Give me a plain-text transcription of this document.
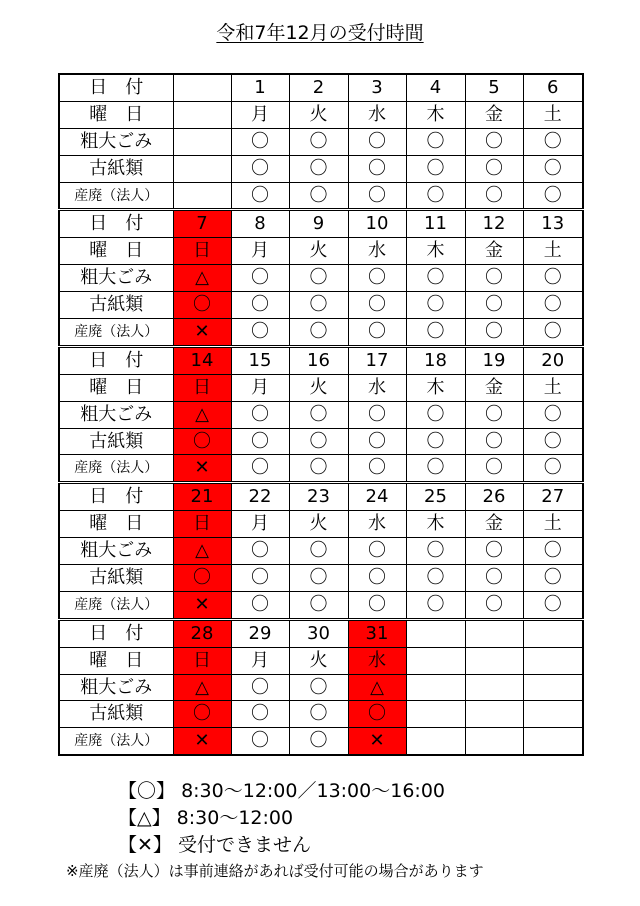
令和7年12月の受付時間
日　付		1	2	3	4	5	6
曜　日		月	火	水	木	金	土
粗大ごみ		〇	〇	〇	〇	〇	〇
古紙類		〇	〇	〇	〇	〇	〇
産廃（法人）		〇	〇	〇	〇	〇	〇
日　付	7	8	9	10	11	12	13
曜　日	日	月	火	水	木	金	土
粗大ごみ	△	〇	〇	〇	〇	〇	〇
古紙類	〇	〇	〇	〇	〇	〇	〇
産廃（法人）	✕	〇	〇	〇	〇	〇	〇
日　付	14	15	16	17	18	19	20
曜　日	日	月	火	水	木	金	土
粗大ごみ	△	〇	〇	〇	〇	〇	〇
古紙類	〇	〇	〇	〇	〇	〇	〇
産廃（法人）	✕	〇	〇	〇	〇	〇	〇
日　付	21	22	23	24	25	26	27
曜　日	日	月	火	水	木	金	土
粗大ごみ	△	〇	〇	〇	〇	〇	〇
古紙類	〇	〇	〇	〇	〇	〇	〇
産廃（法人）	✕	〇	〇	〇	〇	〇	〇
日　付	28	29	30	31			
曜　日	日	月	火	水			
粗大ごみ	△	〇	〇	△			
古紙類	〇	〇	〇	〇			
産廃（法人）	✕	〇	〇	✕			
【〇】 8:30～12:00／13:00～16:00
【△】 8:30～12:00
【✕】 受付できません
※産廃（法人）は事前連絡があれば受付可能の場合があります
